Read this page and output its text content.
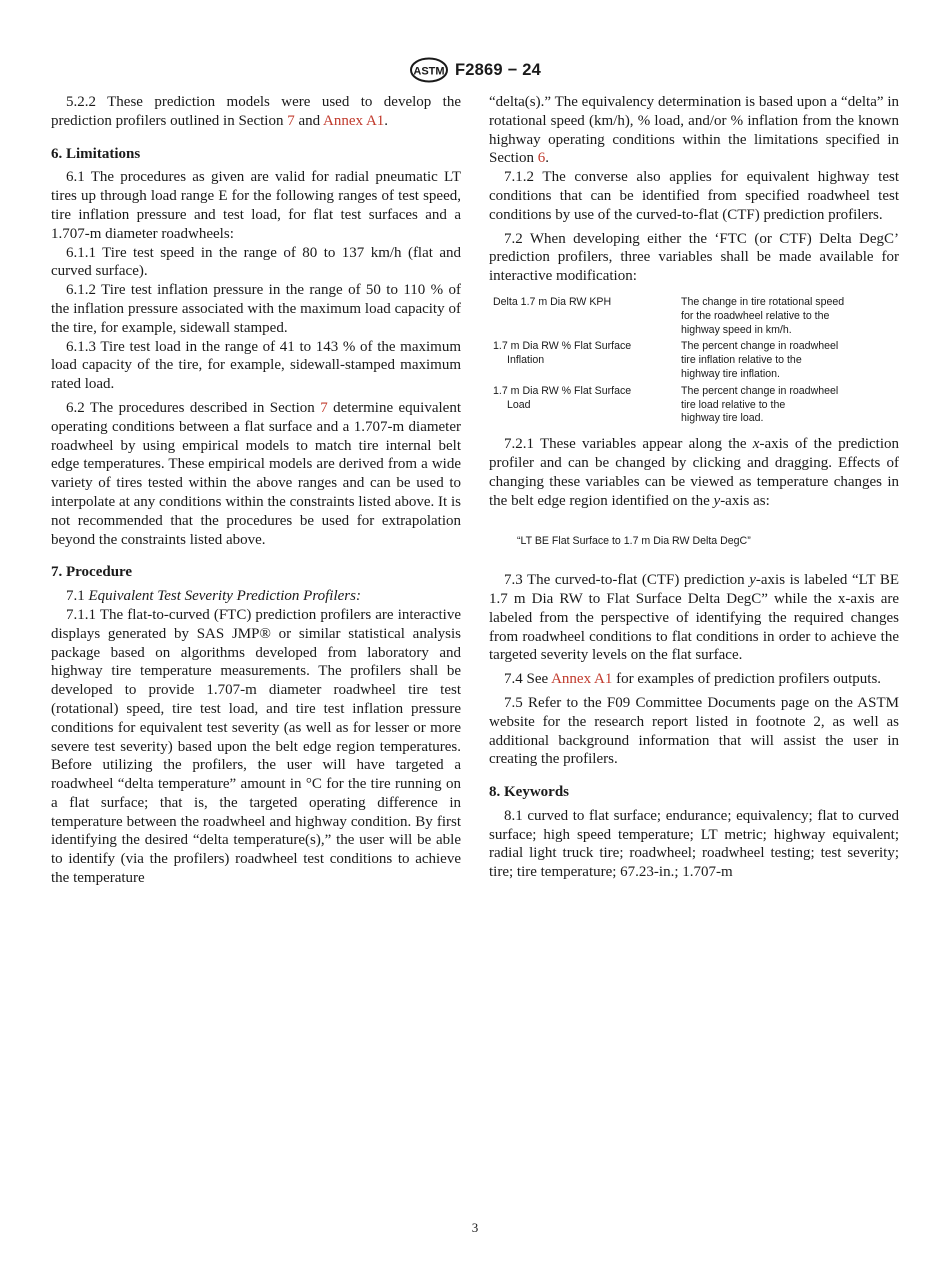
ASTM F2869 − 24

5.2.2 These prediction models were used to develop the prediction profilers outlined in Section 7 and Annex A1.

6. Limitations

6.1 The procedures as given are valid for radial pneumatic LT tires up through load range E for the following ranges of test speed, tire inflation pressure and test load, for flat test surfaces and a 1.707-m diameter roadwheels:

6.1.1 Tire test speed in the range of 80 to 137 km/h (flat and curved surface).

6.1.2 Tire test inflation pressure in the range of 50 to 110 % of the inflation pressure associated with the maximum load capacity of the tire, for example, sidewall stamped.

6.1.3 Tire test load in the range of 41 to 143 % of the maximum load capacity of the tire, for example, sidewall-stamped maximum rated load.

6.2 The procedures described in Section 7 determine equivalent operating conditions between a flat surface and a 1.707-m diameter roadwheel by using empirical models to match tire internal belt edge temperatures. These empirical models are derived from a wide variety of tires tested within the above ranges and can be used to interpolate at any conditions within the constraints listed above. It is not recommended that the procedures be used for extrapolation beyond the constraints listed above.

7. Procedure

7.1 Equivalent Test Severity Prediction Profilers:

7.1.1 The flat-to-curved (FTC) prediction profilers are interactive displays generated by SAS JMP® or similar statistical analysis package based on algorithms developed from laboratory and highway tire temperature measurements. The profilers shall be developed to provide 1.707-m diameter roadwheel tire test (rotational) speed, tire test load, and tire test inflation pressure conditions for equivalent test severity (as well as for lesser or more severe test severity) based upon the belt edge region temperatures. Before utilizing the profilers, the user will have targeted a roadwheel “delta temperature” amount in °C for the tire running on a flat surface; that is, the targeted operating difference in temperature between the roadwheel and highway condition. By first identifying the desired “delta temperature(s),” the user will be able to identify (via the profilers) roadwheel test conditions to achieve the temperature

“delta(s).” The equivalency determination is based upon a “delta” in rotational speed (km/h), % load, and/or % inflation from the known highway operating conditions within the limitations specified in Section 6.

7.1.2 The converse also applies for equivalent highway test conditions that can be identified from specified roadwheel test conditions by use of the curved-to-flat (CTF) prediction profilers.

7.2 When developing either the ‘FTC (or CTF) Delta DegC’ prediction profilers, three variables shall be made available for interactive modification:

Delta 1.7 m Dia RW KPH	The change in tire rotational speed
for the roadwheel relative to the
highway speed in km/h.
1.7 m Dia RW % Flat Surface
Inflation
The percent change in roadwheel
tire inflation relative to the
highway tire inflation.
1.7 m Dia RW % Flat Surface
Load
The percent change in roadwheel
tire load relative to the
highway tire load.

7.2.1 These variables appear along the x-axis of the prediction profiler and can be changed by clicking and dragging. Effects of changing these variables can be viewed as temperature changes in the belt edge region identified on the y-axis as:

“LT BE Flat Surface to 1.7 m Dia RW Delta DegC”

7.3 The curved-to-flat (CTF) prediction y-axis is labeled “LT BE 1.7 m Dia RW to Flat Surface Delta DegC” while the x-axis are labeled from the perspective of identifying the required changes from roadwheel conditions to flat conditions in order to achieve the targeted severity levels on the flat surface.

7.4 See Annex A1 for examples of prediction profilers outputs.

7.5 Refer to the F09 Committee Documents page on the ASTM website for the research report listed in footnote 2, as well as additional background information that will assist the user in creating the profilers.

8. Keywords

8.1 curved to flat surface; endurance; equivalency; flat to curved surface; high speed temperature; LT metric; highway equivalent; radial light truck tire; roadwheel; roadwheel testing; test severity; tire; tire temperature; 67.23-in.; 1.707-m

3
